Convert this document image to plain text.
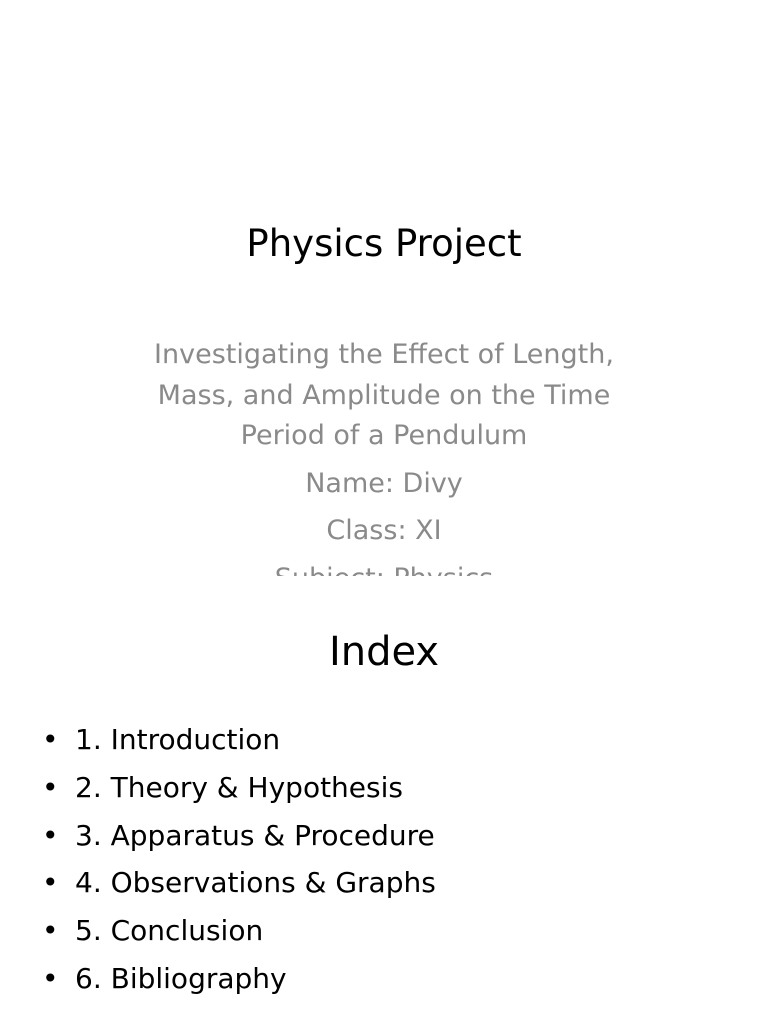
Physics Project

Investigating the Effect of Length, Mass, and Amplitude on the Time Period of a Pendulum

Name: Divy

Class: XI

Index
• 1. Introduction
• 2. Theory & Hypothesis
• 3. Apparatus & Procedure
• 4. Observations & Graphs
• 5. Conclusion
• 6. Bibliography
